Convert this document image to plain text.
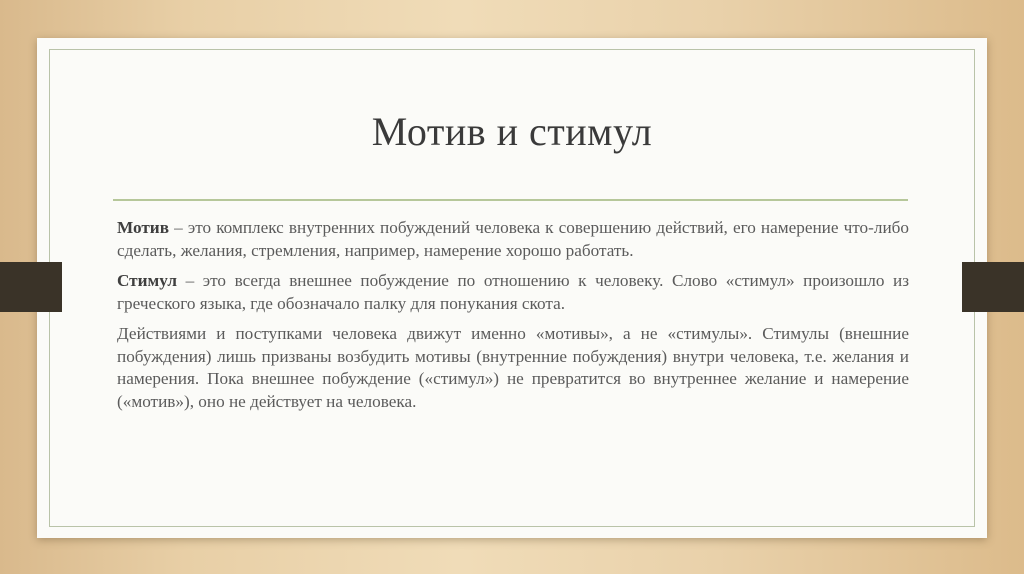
Мотив и стимул

Мотив – это комплекс внутренних побуждений человека к совершению действий, его намерение что-либо сделать, желания, стремления, например, намерение хорошо работать.

Стимул – это всегда внешнее побуждение по отношению к человеку. Слово «стимул» произошло из греческого языка, где обозначало палку для понукания скота.

Действиями и поступками человека движут именно «мотивы», а не «стимулы». Стимулы (внешние побуждения) лишь призваны возбудить мотивы (внутренние побуждения) внутри человека, т.е. желания и намерения. Пока внешнее побуждение («стимул») не превратится во внутреннее желание и намерение («мотив»), оно не действует на человека.
